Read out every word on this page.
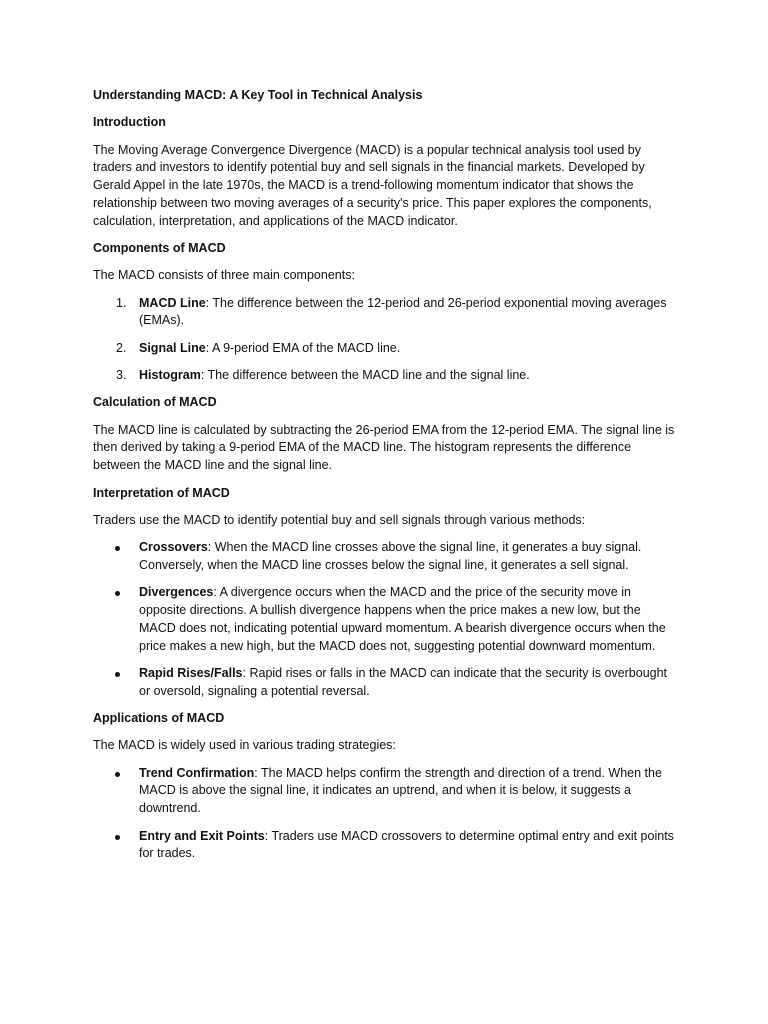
Understanding MACD: A Key Tool in Technical Analysis
Introduction

The Moving Average Convergence Divergence (MACD) is a popular technical analysis tool used by traders and investors to identify potential buy and sell signals in the financial markets. Developed by Gerald Appel in the late 1970s, the MACD is a trend-following momentum indicator that shows the relationship between two moving averages of a security's price. This paper explores the components, calculation, interpretation, and applications of the MACD indicator.

Components of MACD

The MACD consists of three main components:

1. MACD Line: The difference between the 12-period and 26-period exponential moving averages (EMAs).
2. Signal Line: A 9-period EMA of the MACD line.
3. Histogram: The difference between the MACD line and the signal line.
Calculation of MACD

The MACD line is calculated by subtracting the 26-period EMA from the 12-period EMA. The signal line is then derived by taking a 9-period EMA of the MACD line. The histogram represents the difference between the MACD line and the signal line.

Interpretation of MACD

Traders use the MACD to identify potential buy and sell signals through various methods:

Crossovers: When the MACD line crosses above the signal line, it generates a buy signal. Conversely, when the MACD line crosses below the signal line, it generates a sell signal.
Divergences: A divergence occurs when the MACD and the price of the security move in opposite directions. A bullish divergence happens when the price makes a new low, but the MACD does not, indicating potential upward momentum. A bearish divergence occurs when the price makes a new high, but the MACD does not, suggesting potential downward momentum.
Rapid Rises/Falls: Rapid rises or falls in the MACD can indicate that the security is overbought or oversold, signaling a potential reversal.
Applications of MACD

The MACD is widely used in various trading strategies:

Trend Confirmation: The MACD helps confirm the strength and direction of a trend. When the MACD is above the signal line, it indicates an uptrend, and when it is below, it suggests a downtrend.
Entry and Exit Points: Traders use MACD crossovers to determine optimal entry and exit points for trades.
